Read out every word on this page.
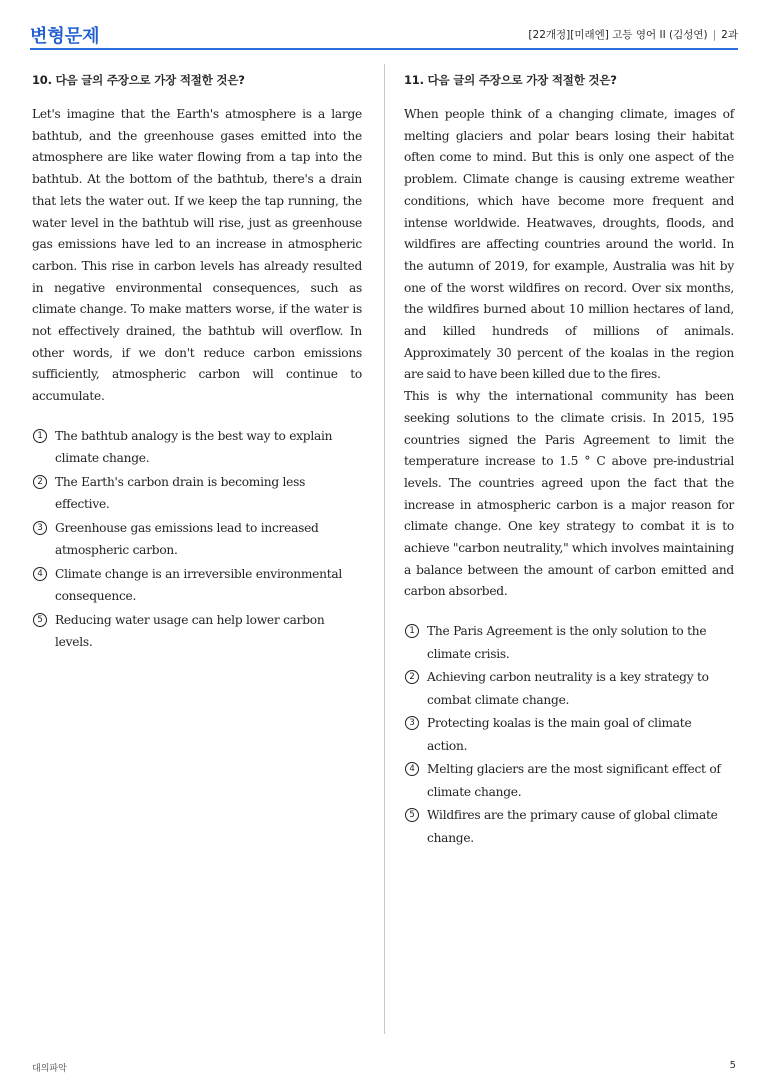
변형문제	[22개정][미래엔] 고등 영어 II (김성연) | 2과
10. 다음 글의 주장으로 가장 적절한 것은?

Let's imagine that the Earth's atmosphere is a large bathtub, and the greenhouse gases emitted into the atmosphere are like water flowing from a tap into the bathtub. At the bottom of the bathtub, there's a drain that lets the water out. If we keep the tap running, the water level in the bathtub will rise, just as greenhouse gas emissions have led to an increase in atmospheric carbon. This rise in carbon levels has already resulted in negative environmental consequences, such as climate change. To make matters worse, if the water is not effectively drained, the bathtub will overflow. In other words, if we don't reduce carbon emissions sufficiently, atmospheric carbon will continue to accumulate.

1	The bathtub analogy is the best way to explain climate change.
2	The Earth's carbon drain is becoming less effective.
3	Greenhouse gas emissions lead to increased atmospheric carbon.
4	Climate change is an irreversible environmental consequence.
5	Reducing water usage can help lower carbon levels.
11. 다음 글의 주장으로 가장 적절한 것은?

When people think of a changing climate, images of melting glaciers and polar bears losing their habitat often come to mind. But this is only one aspect of the problem. Climate change is causing extreme weather conditions, which have become more frequent and intense worldwide. Heatwaves, droughts, floods, and wildfires are affecting countries around the world. In the autumn of 2019, for example, Australia was hit by one of the worst wildfires on record. Over six months, the wildfires burned about 10 million hectares of land, and killed hundreds of millions of animals. Approximately 30 percent of the koalas in the region are said to have been killed due to the fires.

This is why the international community has been seeking solutions to the climate crisis. In 2015, 195 countries signed the Paris Agreement to limit the temperature increase to 1.5 ° C above pre-industrial levels. The countries agreed upon the fact that the increase in atmospheric carbon is a major reason for climate change. One key strategy to combat it is to achieve "carbon neutrality," which involves maintaining a balance between the amount of carbon emitted and carbon absorbed.

1	The Paris Agreement is the only solution to the climate crisis.
2	Achieving carbon neutrality is a key strategy to combat climate change.
3	Protecting koalas is the main goal of climate action.
4	Melting glaciers are the most significant effect of climate change.
5	Wildfires are the primary cause of global climate change.
대의파악	5
